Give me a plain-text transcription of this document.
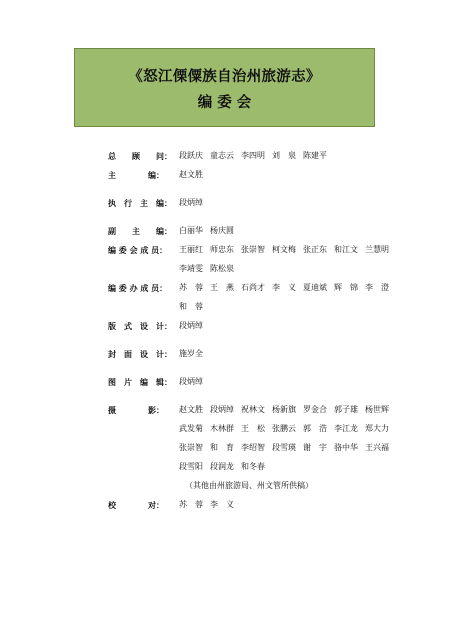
《怒江傈僳族自治州旅游志》
编 委 会
总　　顾　　问： 段跃庆 童志云 李四明 刘　泉 陈建平
主　　　　编：	赵文胜
执　行　主　编： 段炳绰
副　　主　　编： 白丽华 杨庆圆
编 委 会 成 员：	王丽红 师忠东 张崇智 柯文梅 张正东 和江文 兰慧明
李靖雯 陈松泉
编 委 办 成 员：	苏　蓉 王　燕 石尚才 李　义 夏迪斌 辉　锦 李　澄
和　蓉
版　式　设　计： 段炳绰
封　面　设　计： 施岁全
图　片　编　辑： 段炳绰
摄　　　　影：	赵文胜 段炳绰 祝林文 杨新旗 罗金合 郭子雄 杨世辉
武发菊 木林群 王　松 张鹏云 郭　浩 李江龙 郑大力
张崇智 和　育 李绍智 段雪瑛 谢　宇 骆中华 王兴福
段雪阳 段润龙 和冬春
（其他由州旅游局、州文管所供稿）
校　　　　对：	苏　蓉 李　义
